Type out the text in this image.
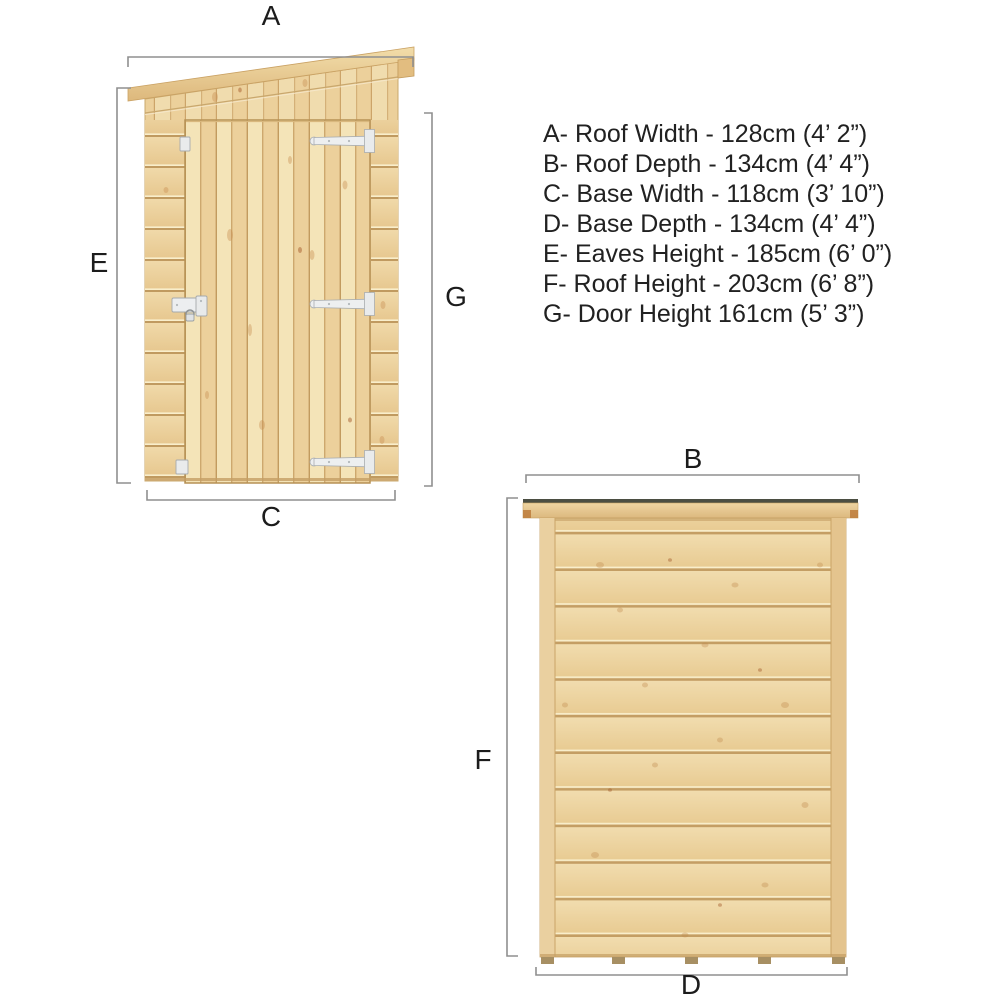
A
E
G
C
B
F
D
A- Roof Width - 128cm (4’ 2”)
B- Roof Depth - 134cm (4’ 4”)
C- Base Width - 118cm (3’ 10”)
D- Base Depth - 134cm (4’ 4”)
E- Eaves Height - 185cm (6’ 0”)
F- Roof Height - 203cm (6’ 8”)
G- Door Height 161cm (5’ 3”)
